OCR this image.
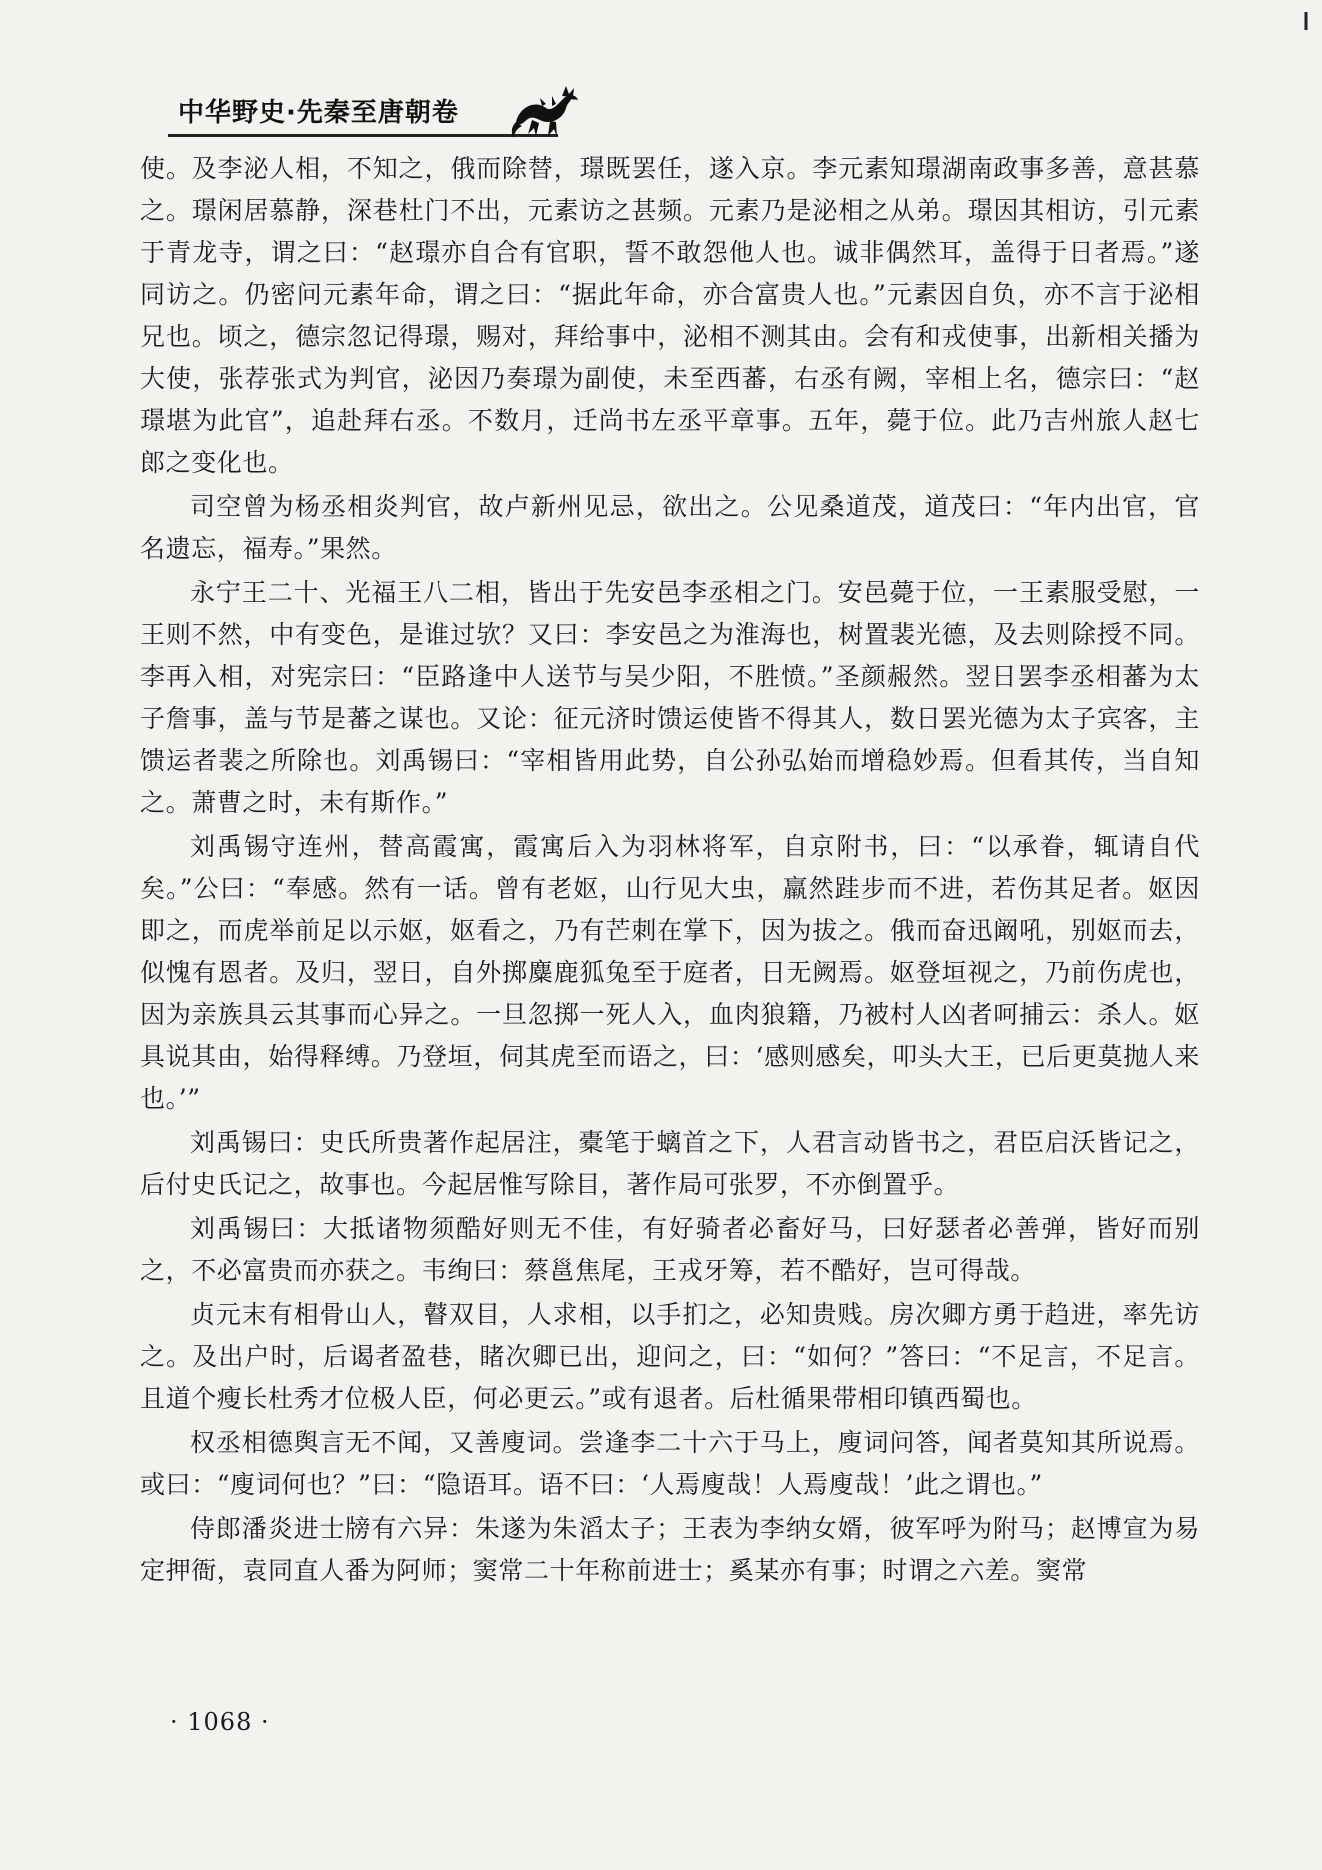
中华野史·先秦至唐朝卷

使。及李泌人相，不知之，俄而除替，璟既罢任，遂入京。李元素知璟湖南政事多善，意甚慕之。璟闲居慕静，深巷杜门不出，元素访之甚频。元素乃是泌相之从弟。璟因其相访，引元素于青龙寺，谓之曰：“赵璟亦自合有官职，誓不敢怨他人也。诚非偶然耳，盖得于日者焉。”遂同访之。仍密问元素年命，谓之曰：“据此年命，亦合富贵人也。”元素因自负，亦不言于泌相兄也。顷之，德宗忽记得璟，赐对，拜给事中，泌相不测其由。会有和戎使事，出新相关播为大使，张荐张式为判官，泌因乃奏璟为副使，未至西蕃，右丞有阙，宰相上名，德宗曰：“赵璟堪为此官”，追赴拜右丞。不数月，迁尚书左丞平章事。五年，薨于位。此乃吉州旅人赵七郎之变化也。

司空曾为杨丞相炎判官，故卢新州见忌，欲出之。公见桑道茂，道茂曰：“年内出官，官名遗忘，福寿。”果然。

永宁王二十、光福王八二相，皆出于先安邑李丞相之门。安邑薨于位，一王素服受慰，一王则不然，中有变色，是谁过欤？又曰：李安邑之为淮海也，树置裴光德，及去则除授不同。李再入相，对宪宗曰：“臣路逢中人送节与吴少阳，不胜愤。”圣颜赧然。翌日罢李丞相蕃为太子詹事，盖与节是蕃之谋也。又论：征元济时馈运使皆不得其人，数日罢光德为太子宾客，主馈运者裴之所除也。刘禹锡曰：“宰相皆用此势，自公孙弘始而增稳妙焉。但看其传，当自知之。萧曹之时，未有斯作。”

刘禹锡守连州，替高霞寓，霞寓后入为羽林将军，自京附书，曰：“以承眷，辄请自代矣。”公曰：“奉感。然有一话。曾有老妪，山行见大虫，羸然跬步而不进，若伤其足者。妪因即之，而虎举前足以示妪，妪看之，乃有芒刺在掌下，因为拔之。俄而奋迅阚吼，别妪而去，似愧有恩者。及归，翌日，自外掷麋鹿狐兔至于庭者，日无阙焉。妪登垣视之，乃前伤虎也，因为亲族具云其事而心异之。一旦忽掷一死人入，血肉狼籍，乃被村人凶者呵捕云：杀人。妪具说其由，始得释缚。乃登垣，伺其虎至而语之，曰：‘感则感矣，叩头大王，已后更莫抛人来也。’”

刘禹锡曰：史氏所贵著作起居注，橐笔于螭首之下，人君言动皆书之，君臣启沃皆记之，后付史氏记之，故事也。今起居惟写除目，著作局可张罗，不亦倒置乎。

刘禹锡曰：大抵诸物须酷好则无不佳，有好骑者必畜好马，曰好瑟者必善弹，皆好而别之，不必富贵而亦获之。韦绚曰：蔡邕焦尾，王戎牙筹，若不酷好，岂可得哉。

贞元末有相骨山人，瞽双目，人求相，以手扪之，必知贵贱。房次卿方勇于趋进，率先访之。及出户时，后谒者盈巷，睹次卿已出，迎问之，曰：“如何？”答曰：“不足言，不足言。且道个瘦长杜秀才位极人臣，何必更云。”或有退者。后杜循果带相印镇西蜀也。

权丞相德舆言无不闻，又善廋词。尝逢李二十六于马上，廋词问答，闻者莫知其所说焉。或曰：“廋词何也？”曰：“隐语耳。语不曰：‘人焉廋哉！人焉廋哉！’此之谓也。”

侍郎潘炎进士牓有六异：朱遂为朱滔太子；王表为李纳女婿，彼军呼为附马；赵博宣为易定押衙，袁同直人番为阿师；窦常二十年称前进士；奚某亦有事；时谓之六差。窦常

· 1068 ·
